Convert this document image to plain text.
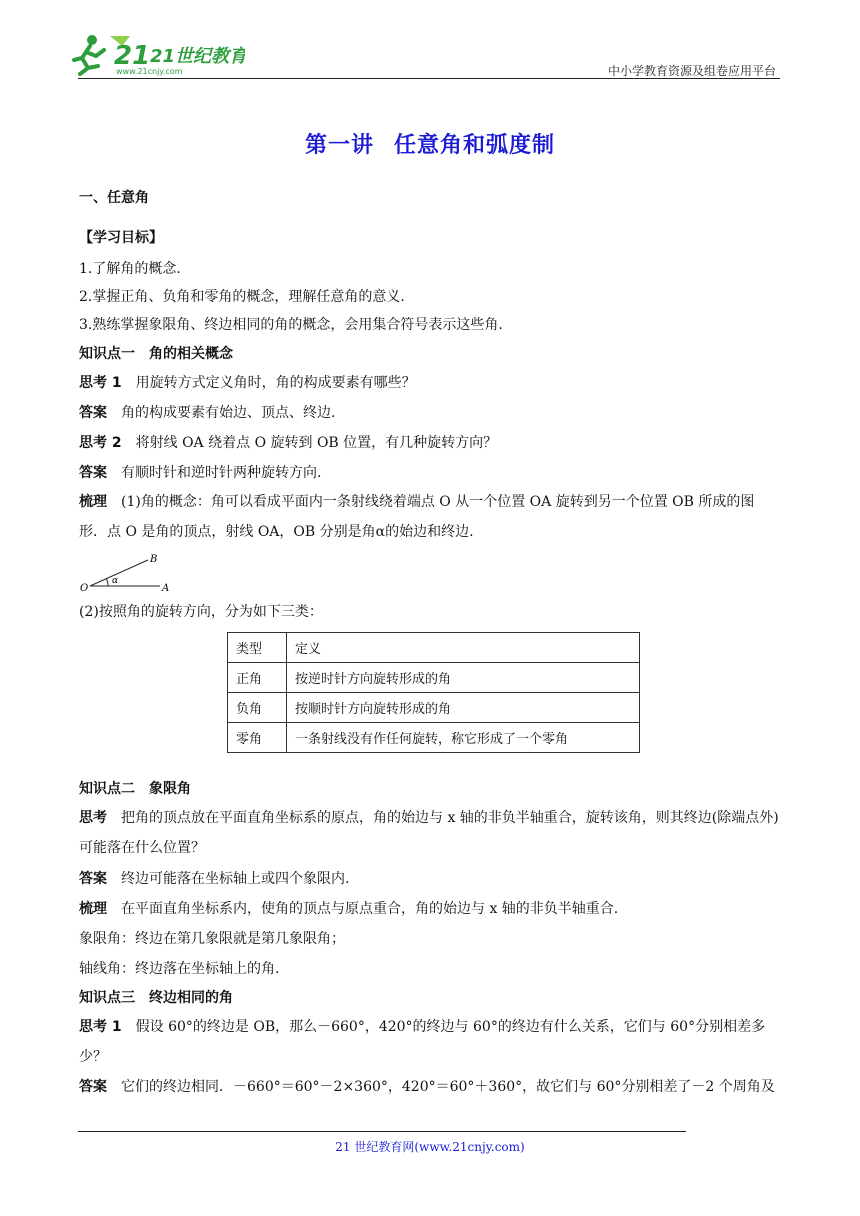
21 21世纪教育
www.21cnjy.com	中小学教育资源及组卷应用平台
第一讲 任意角和弧度制
一、任意角
【学习目标】
1.了解角的概念.
2.掌握正角、负角和零角的概念，理解任意角的意义.
3.熟练掌握象限角、终边相同的角的概念，会用集合符号表示这些角.
知识点一　角的相关概念
思考 1 用旋转方式定义角时，角的构成要素有哪些？
答案 角的构成要素有始边、顶点、终边.
思考 2 将射线 OA 绕着点 O 旋转到 OB 位置，有几种旋转方向？
答案 有顺时针和逆时针两种旋转方向.
梳理 (1)角的概念：角可以看成平面内一条射线绕着端点 O 从一个位置 OA 旋转到另一个位置 OB 所成的图形．点 O 是角的顶点，射线 OA，OB 分别是角α的始边和终边.
O	A
B
α
(2)按照角的旋转方向，分为如下三类：
类型	定义
正角	按逆时针方向旋转形成的角
负角	按顺时针方向旋转形成的角
零角	一条射线没有作任何旋转，称它形成了一个零角
知识点二　象限角
思考 把角的顶点放在平面直角坐标系的原点，角的始边与 x 轴的非负半轴重合，旋转该角，则其终边(除端点外)可能落在什么位置？
答案 终边可能落在坐标轴上或四个象限内.
梳理 在平面直角坐标系内，使角的顶点与原点重合，角的始边与 x 轴的非负半轴重合.
象限角：终边在第几象限就是第几象限角；
轴线角：终边落在坐标轴上的角.
知识点三　终边相同的角
思考 1 假设 60°的终边是 OB，那么－660°，420°的终边与 60°的终边有什么关系，它们与 60°分别相差多少？
答案 它们的终边相同．－660°＝60°－2×360°，420°＝60°＋360°，故它们与 60°分别相差了－2 个周角及
21 世纪教育网(www.21cnjy.com)
